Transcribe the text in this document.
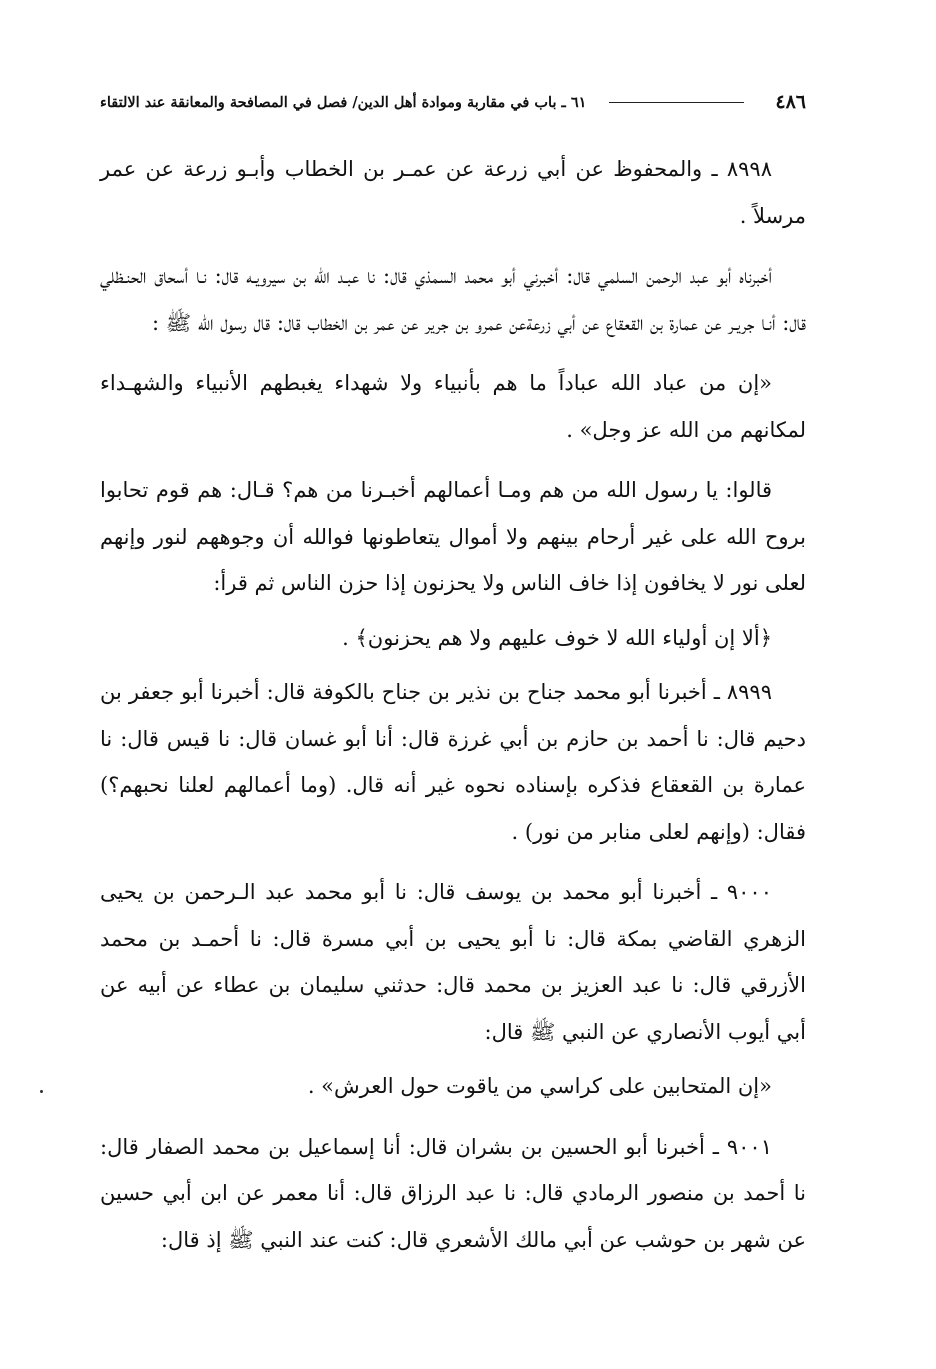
٤٨٦
٦١ ـ باب في مقاربة وموادة أهل الدين/ فصل في المصافحة والمعانقة عند الالتقاء

٨٩٩٨ ـ والمحفوظ عن أبي زرعة عن عمـر بن الخطاب وأبـو زرعة عن عمر مرسلاً .

أخبرناه أبو عبد الرحمن السلمي قال: أخبرني أبو محمد السمذي قال: نا عبـد الله بن سيرويـه قال: نـا أسحاق الحنـظلي قال: أنـا جريـر عن عمارة بن القعقاع عن أبي زرعةعن عمرو بن جرير عن عمر بن الخطاب قال: قال رسول الله ﷺ :

«إن من عباد الله عباداً ما هم بأنبياء ولا شهداء يغبطهم الأنبياء والشهـداء لمكانهم من الله عز وجل» .

قالوا: يا رسول الله من هم ومـا أعمالهم أخبـرنا من هم؟ قـال: هم قوم تحابوا بروح الله على غير أرحام بينهم ولا أموال يتعاطونها فوالله أن وجوههم لنور وإنهم لعلى نور لا يخافون إذا خاف الناس ولا يحزنون إذا حزن الناس ثم قرأ:

﴿ألا إن أولياء الله لا خوف عليهم ولا هم يحزنون﴾ .

٨٩٩٩ ـ أخبرنا أبو محمد جناح بن نذير بن جناح بالكوفة قال: أخبرنا أبو جعفر بن دحيم قال: نا أحمد بن حازم بن أبي غرزة قال: أنا أبو غسان قال: نا قيس قال: نا عمارة بن القعقاع فذكره بإسناده نحوه غير أنه قال. (وما أعمالهم لعلنا نحبهم؟) فقال: (وإنهم لعلى منابر من نور) .

٩٠٠٠ ـ أخبرنا أبو محمد بن يوسف قال: نا أبو محمد عبد الـرحمن بن يحيى الزهري القاضي بمكة قال: نا أبو يحيى بن أبي مسرة قال: نا أحمـد بن محمد الأزرقي قال: نا عبد العزيز بن محمد قال: حدثني سليمان بن عطاء عن أبيه عن أبي أيوب الأنصاري عن النبي ﷺ قال:

«إن المتحابين على كراسي من ياقوت حول العرش» .

٩٠٠١ ـ أخبرنا أبو الحسين بن بشران قال: أنا إسماعيل بن محمد الصفار قال: نا أحمد بن منصور الرمادي قال: نا عبد الرزاق قال: أنا معمر عن ابن أبي حسين عن شهر بن حوشب عن أبي مالك الأشعري قال: كنت عند النبي ﷺ إذ قال:
